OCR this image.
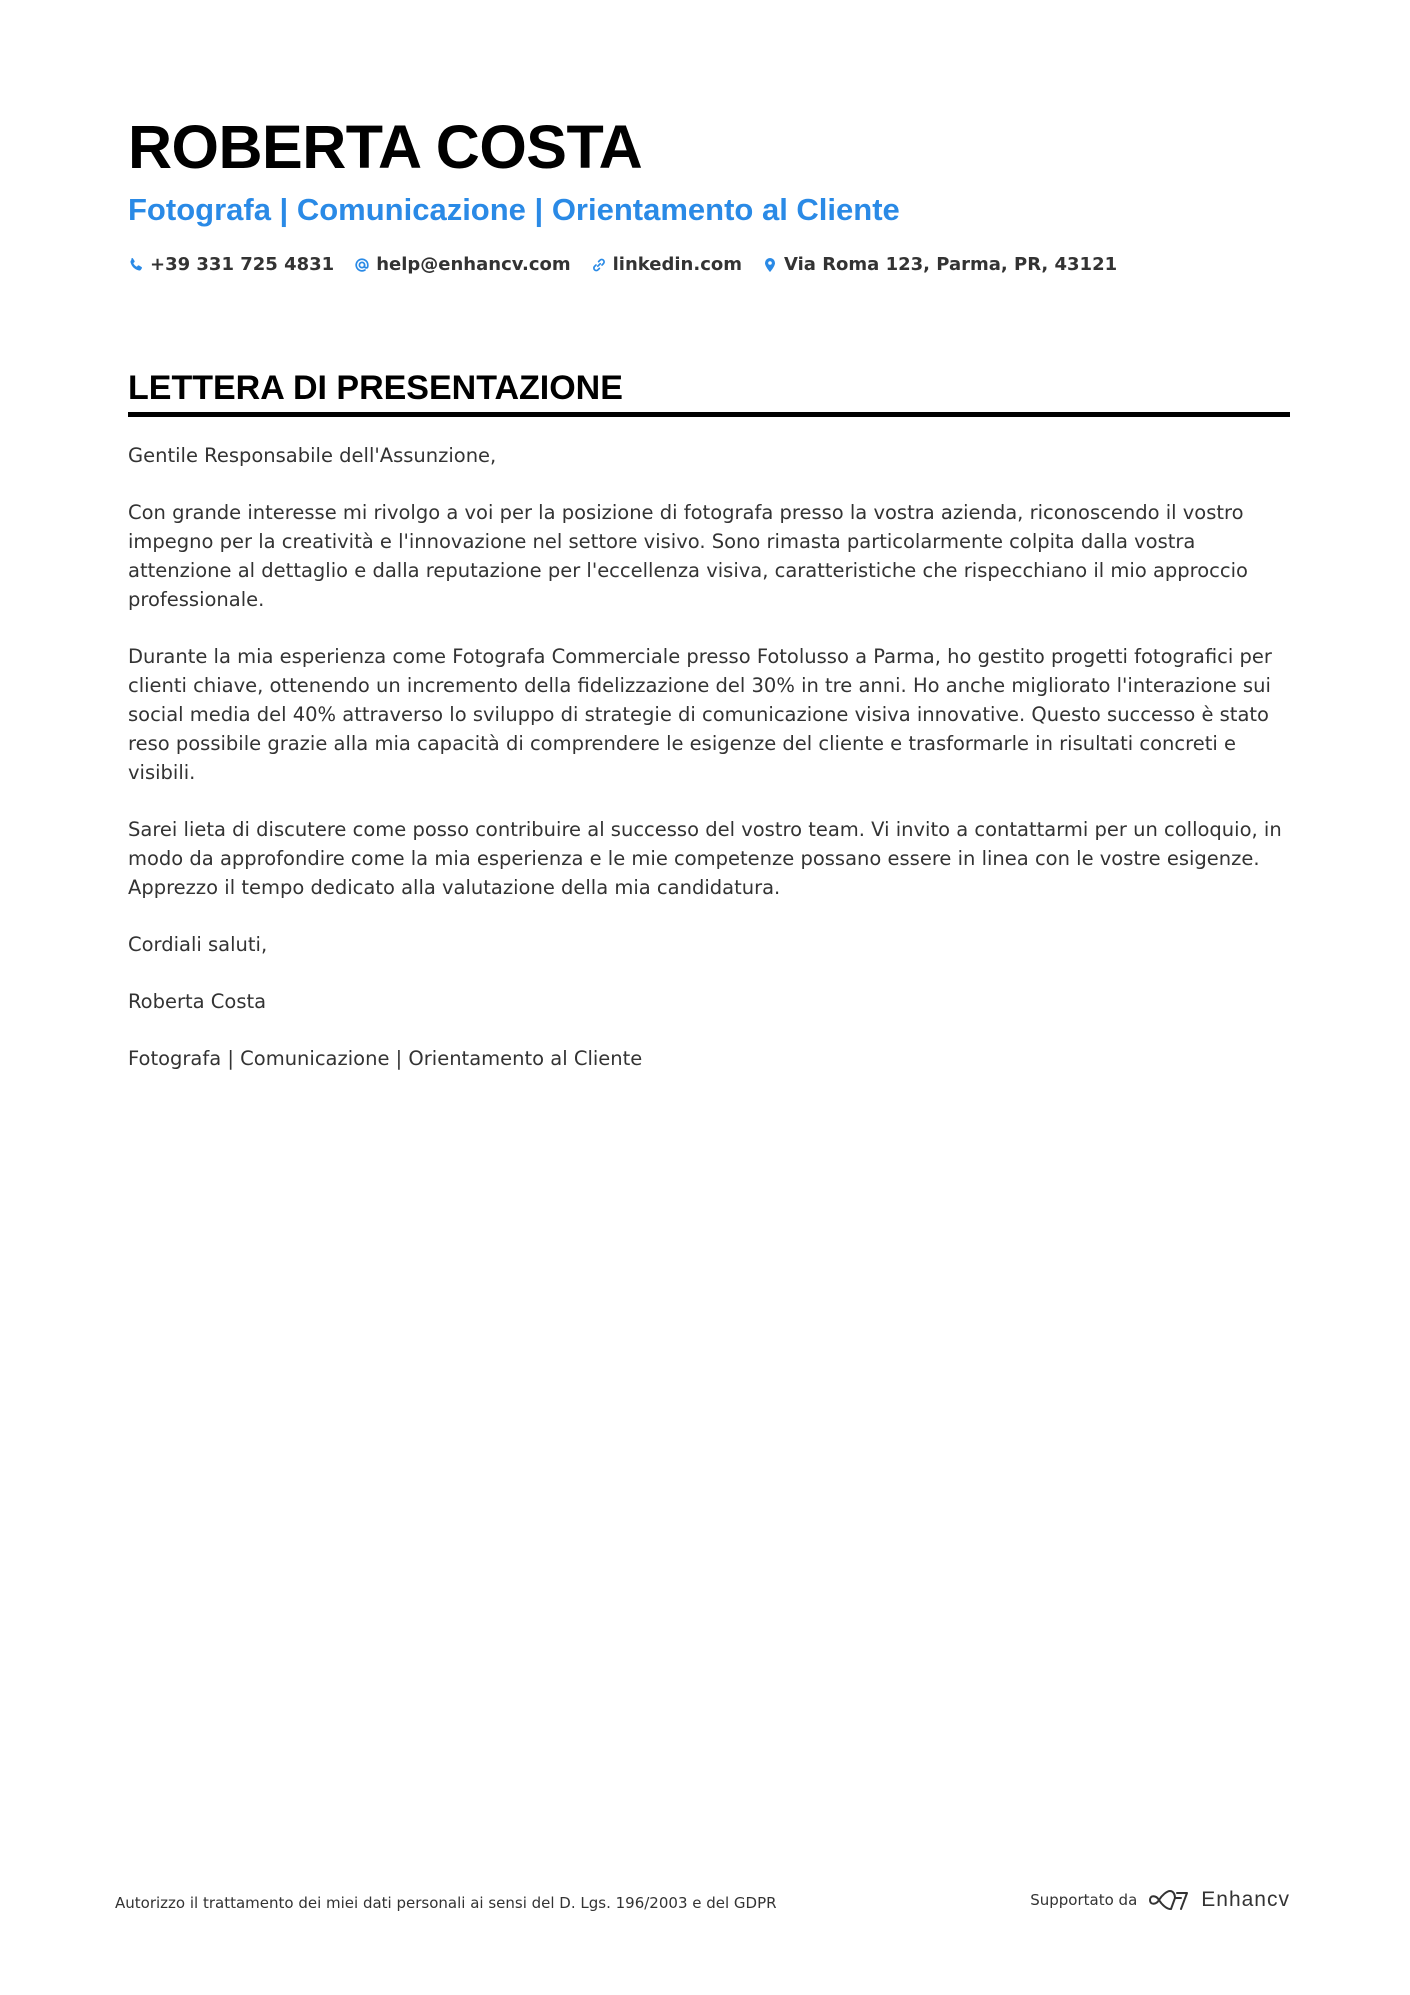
ROBERTA COSTA
Fotografa | Comunicazione | Orientamento al Cliente
+39 331 725 4831 help@enhancv.com linkedin.com Via Roma 123, Parma, PR, 43121
LETTERA DI PRESENTAZIONE

Gentile Responsabile dell'Assunzione,

Con grande interesse mi rivolgo a voi per la posizione di fotografa presso la vostra azienda, riconoscendo il vostro impegno per la creatività e l'innovazione nel settore visivo. Sono rimasta particolarmente colpita dalla vostra attenzione al dettaglio e dalla reputazione per l'eccellenza visiva, caratteristiche che rispecchiano il mio approccio professionale.

Durante la mia esperienza come Fotografa Commerciale presso Fotolusso a Parma, ho gestito progetti fotografici per clienti chiave, ottenendo un incremento della fidelizzazione del 30% in tre anni. Ho anche migliorato l'interazione sui social media del 40% attraverso lo sviluppo di strategie di comunicazione visiva innovative. Questo successo è stato reso possibile grazie alla mia capacità di comprendere le esigenze del cliente e trasformarle in risultati concreti e visibili.

Sarei lieta di discutere come posso contribuire al successo del vostro team. Vi invito a contattarmi per un colloquio, in modo da approfondire come la mia esperienza e le mie competenze possano essere in linea con le vostre esigenze. Apprezzo il tempo dedicato alla valutazione della mia candidatura.

Cordiali saluti,

Roberta Costa

Fotografa | Comunicazione | Orientamento al Cliente

Autorizzo il trattamento dei miei dati personali ai sensi del D. Lgs. 196/2003 e del GDPR	Supportato da	Enhancv
